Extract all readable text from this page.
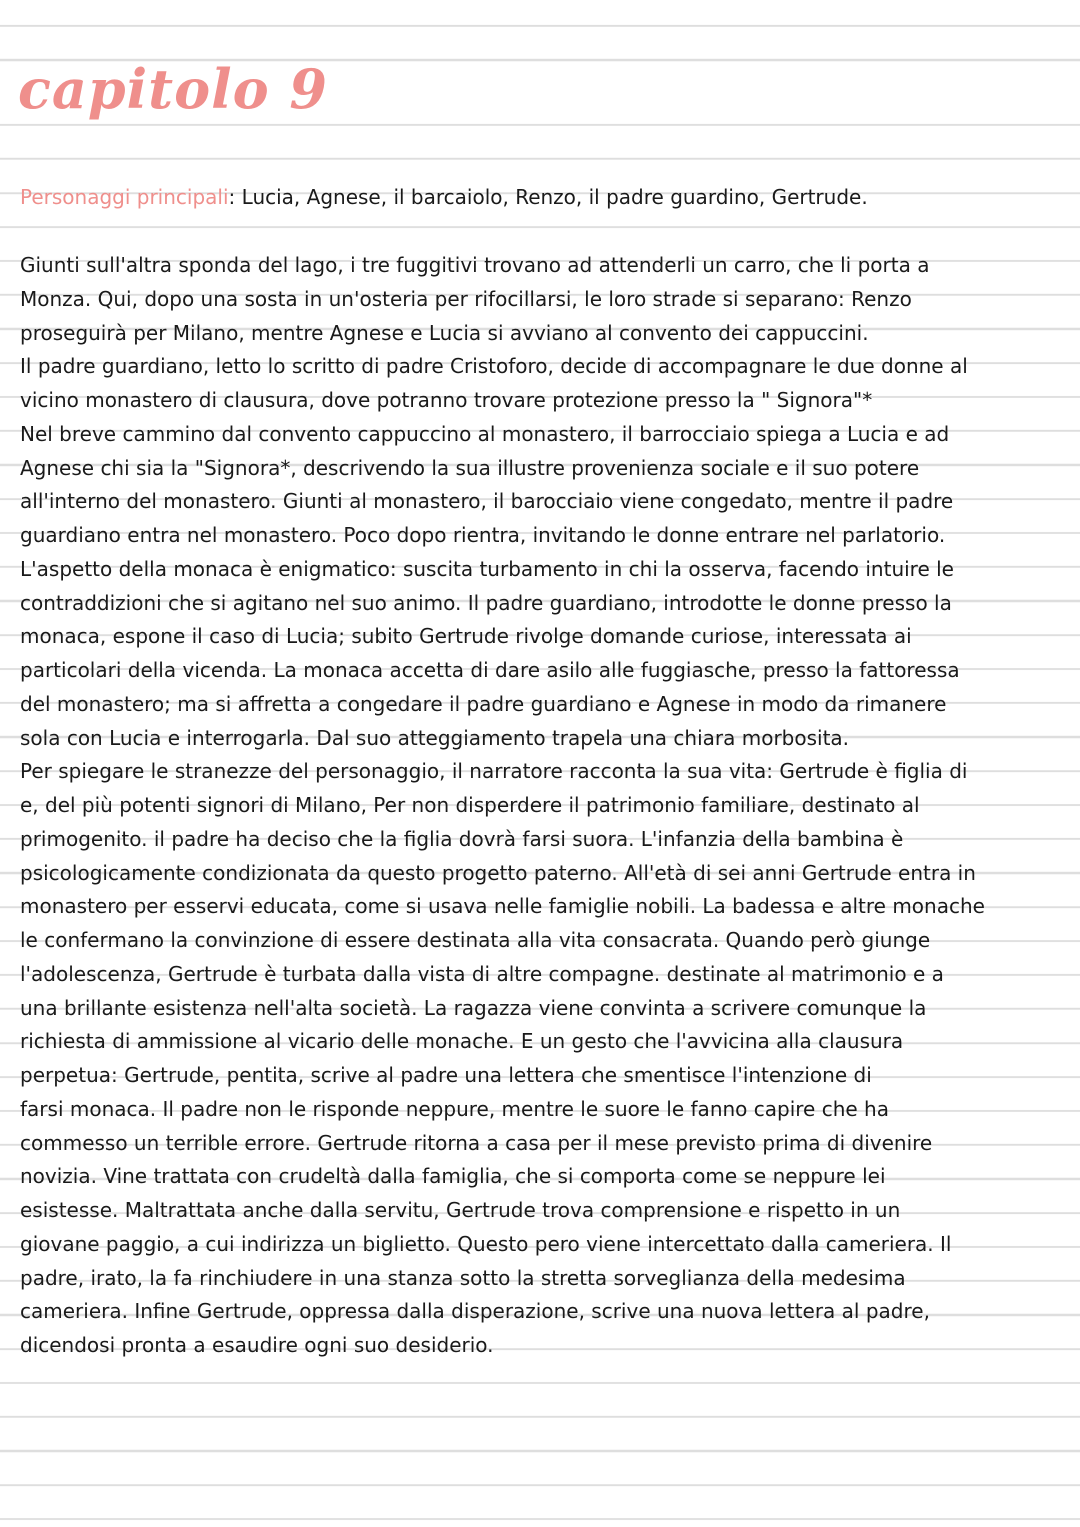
capitolo 9

Personaggi principali: Lucia, Agnese, il barcaiolo, Renzo, il padre guardino, Gertrude.

Giunti sull'altra sponda del lago, i tre fuggitivi trovano ad attenderli un carro, che li porta a
Monza. Qui, dopo una sosta in un'osteria per rifocillarsi, le loro strade si separano: Renzo
proseguirà per Milano, mentre Agnese e Lucia si avviano al convento dei cappuccini.
Il padre guardiano, letto lo scritto di padre Cristoforo, decide di accompagnare le due donne al
vicino monastero di clausura, dove potranno trovare protezione presso la " Signora"*
Nel breve cammino dal convento cappuccino al monastero, il barrocciaio spiega a Lucia e ad
Agnese chi sia la "Signora*, descrivendo la sua illustre provenienza sociale e il suo potere
all'interno del monastero. Giunti al monastero, il barocciaio viene congedato, mentre il padre
guardiano entra nel monastero. Poco dopo rientra, invitando le donne entrare nel parlatorio.
L'aspetto della monaca è enigmatico: suscita turbamento in chi la osserva, facendo intuire le
contraddizioni che si agitano nel suo animo. Il padre guardiano, introdotte le donne presso la
monaca, espone il caso di Lucia; subito Gertrude rivolge domande curiose, interessata ai
particolari della vicenda. La monaca accetta di dare asilo alle fuggiasche, presso la fattoressa
del monastero; ma si affretta a congedare il padre guardiano e Agnese in modo da rimanere
sola con Lucia e interrogarla. Dal suo atteggiamento trapela una chiara morbosita.
Per spiegare le stranezze del personaggio, il narratore racconta la sua vita: Gertrude è figlia di
e, del più potenti signori di Milano, Per non disperdere il patrimonio familiare, destinato al
primogenito. il padre ha deciso che la figlia dovrà farsi suora. L'infanzia della bambina è
psicologicamente condizionata da questo progetto paterno. All'età di sei anni Gertrude entra in
monastero per esservi educata, come si usava nelle famiglie nobili. La badessa e altre monache
le confermano la convinzione di essere destinata alla vita consacrata. Quando però giunge
l'adolescenza, Gertrude è turbata dalla vista di altre compagne. destinate al matrimonio e a
una brillante esistenza nell'alta società. La ragazza viene convinta a scrivere comunque la
richiesta di ammissione al vicario delle monache. E un gesto che l'avvicina alla clausura
perpetua: Gertrude, pentita, scrive al padre una lettera che smentisce l'intenzione di
farsi monaca. Il padre non le risponde neppure, mentre le suore le fanno capire che ha
commesso un terrible errore. Gertrude ritorna a casa per il mese previsto prima di divenire
novizia. Vine trattata con crudeltà dalla famiglia, che si comporta come se neppure lei
esistesse. Maltrattata anche dalla servitu, Gertrude trova comprensione e rispetto in un
giovane paggio, a cui indirizza un biglietto. Questo pero viene intercettato dalla cameriera. Il
padre, irato, la fa rinchiudere in una stanza sotto la stretta sorveglianza della medesima
cameriera. Infine Gertrude, oppressa dalla disperazione, scrive una nuova lettera al padre,
dicendosi pronta a esaudire ogni suo desiderio.
